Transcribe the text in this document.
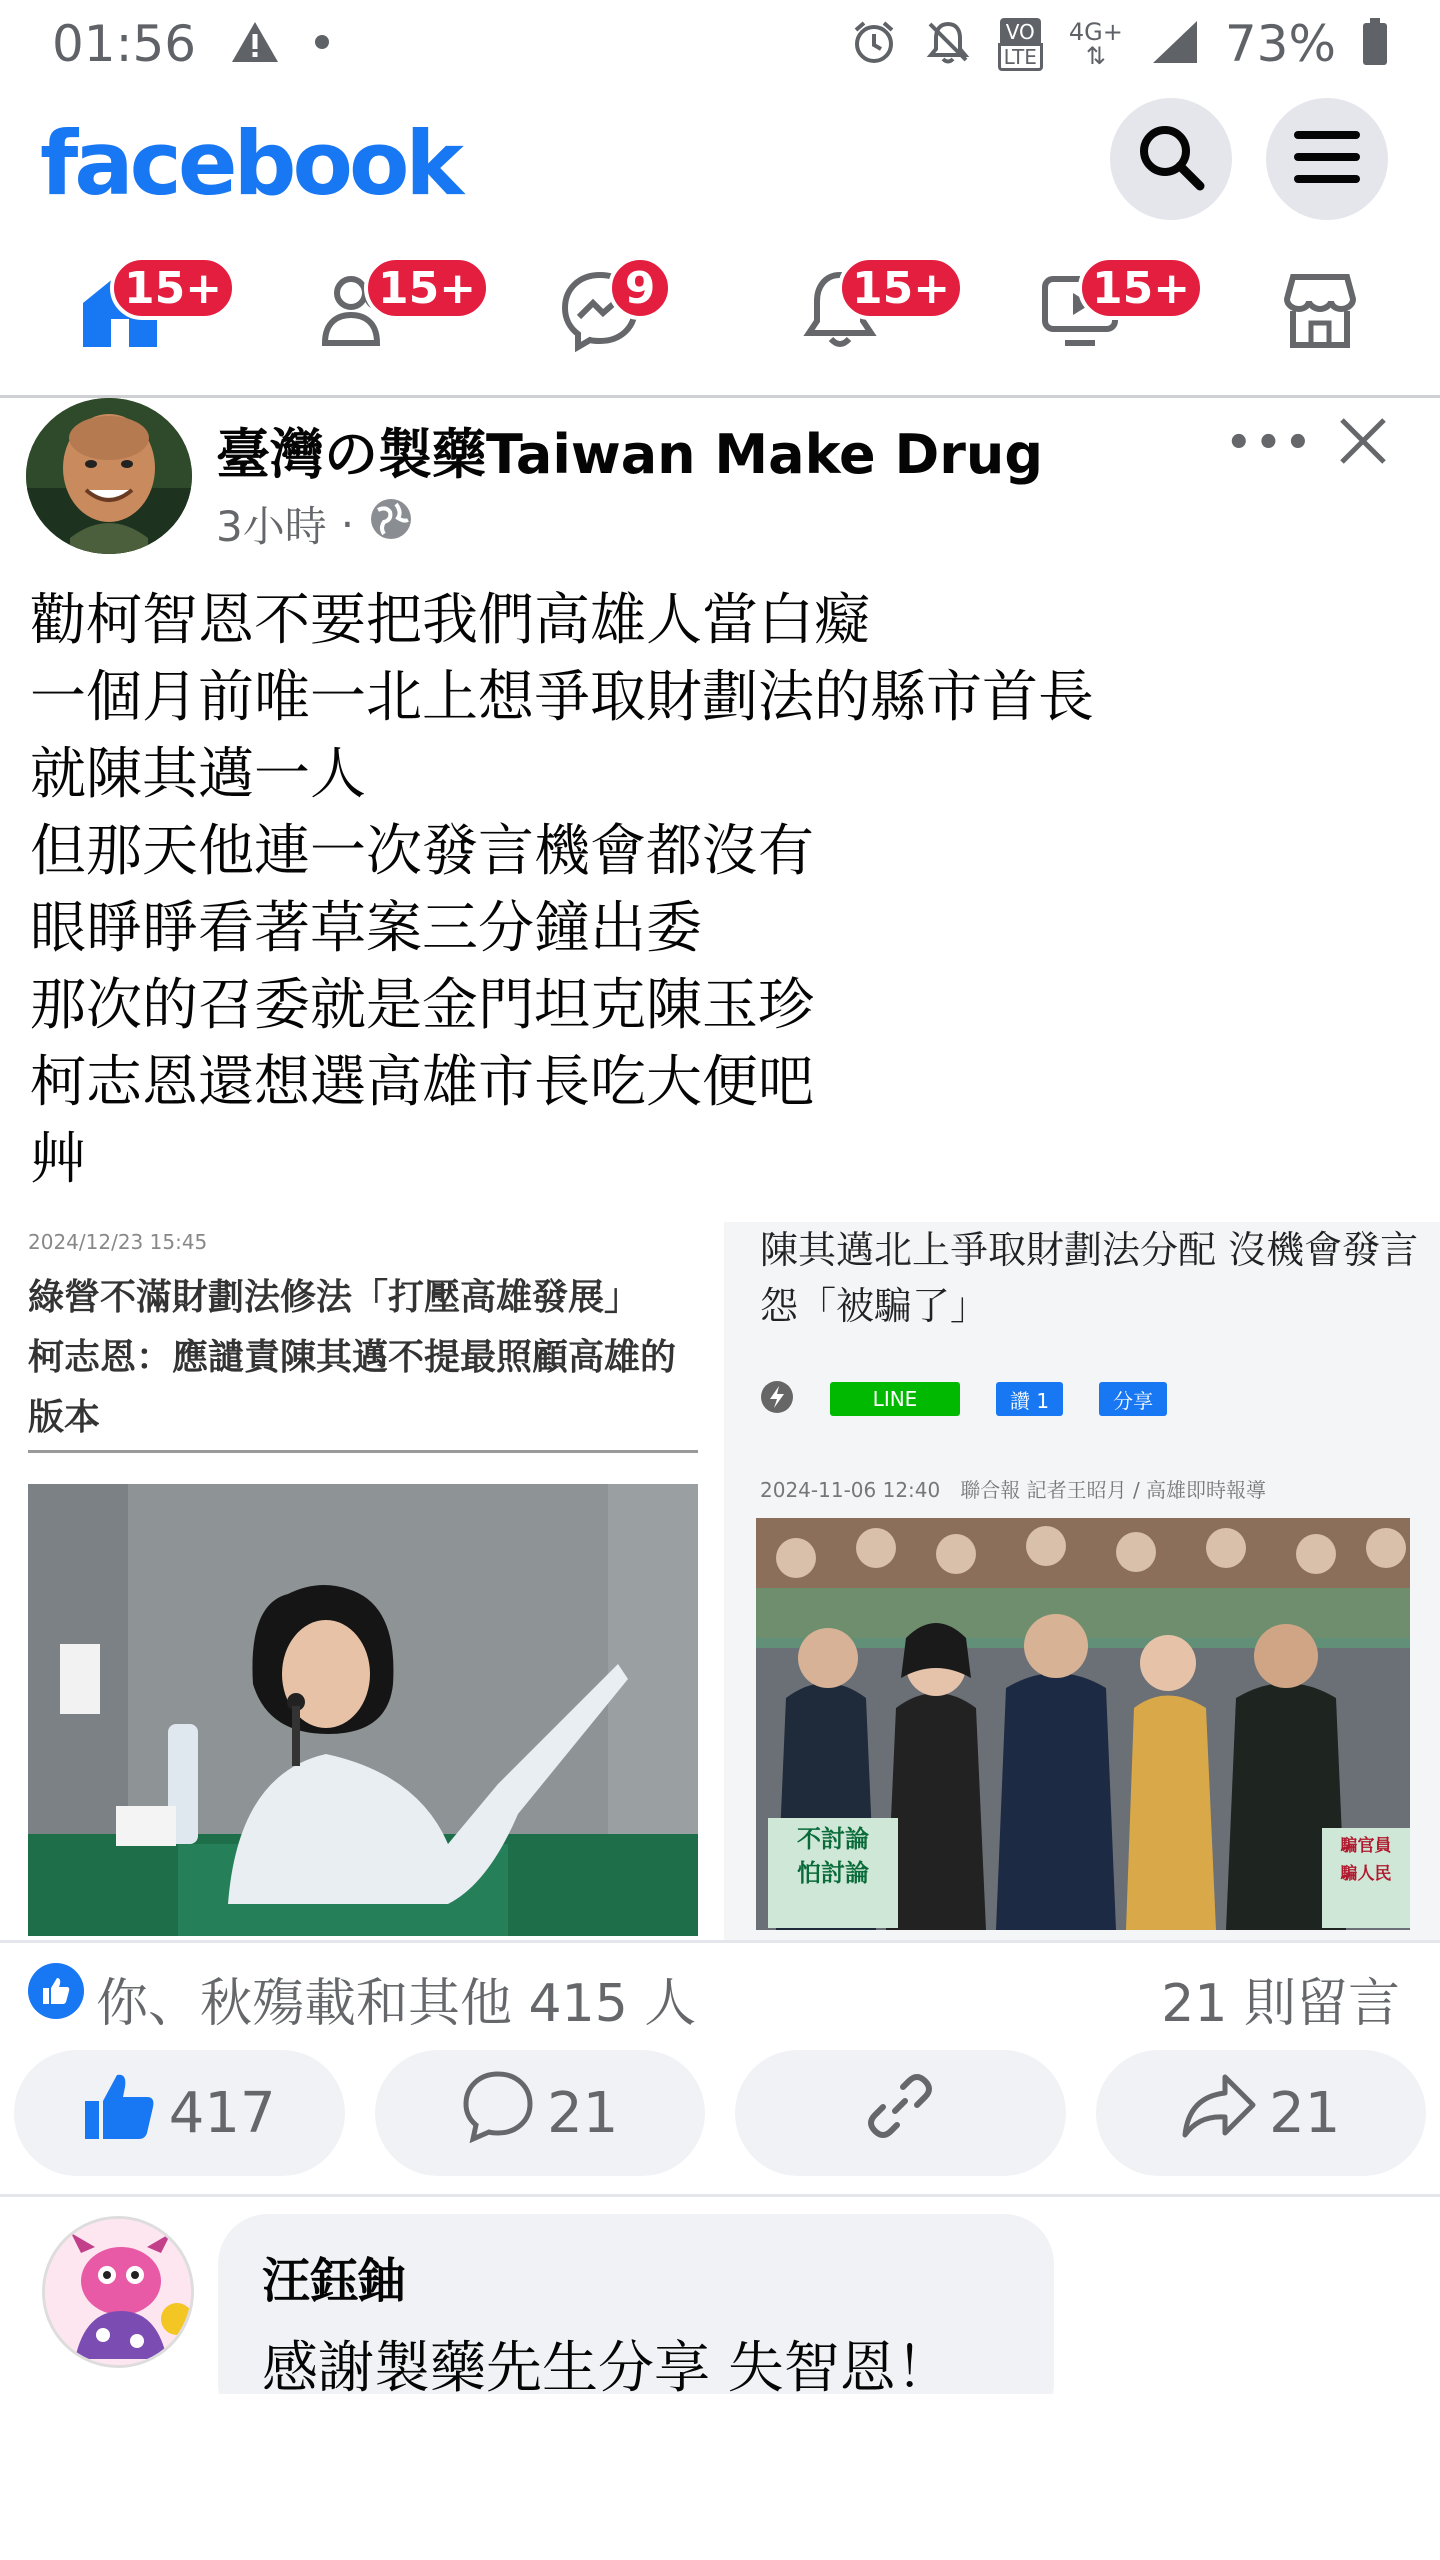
01:56	VO
LTE
4G+
⇅ 73%
facebook
15+	15+	9	15+	15+
臺灣の製藥Taiwan Make Drug
3小時 ·
•••
勸柯智恩不要把我們高雄人當白癡
一個月前唯一北上想爭取財劃法的縣市首長
就陳其邁一人
但那天他連一次發言機會都沒有
眼睜睜看著草案三分鐘出委
那次的召委就是金門坦克陳玉珍
柯志恩還想選高雄市長吃大便吧
艸
2024/12/23 15:45
綠營不滿財劃法修法「打壓高雄發展」 柯志恩：應譴責陳其邁不提最照顧高雄的版本
陳其邁北上爭取財劃法分配 沒機會發言怨「被騙了」
LINE	讚 1	分享
2024-11-06 12:40　聯合報 記者王昭月 / 高雄即時報導
不討論
怕討論
騙官員
騙人民
你、秋殤載和其他 415 人	21 則留言
417	21	21
汪鈺鈾
感謝製藥先生分享 失智恩！
